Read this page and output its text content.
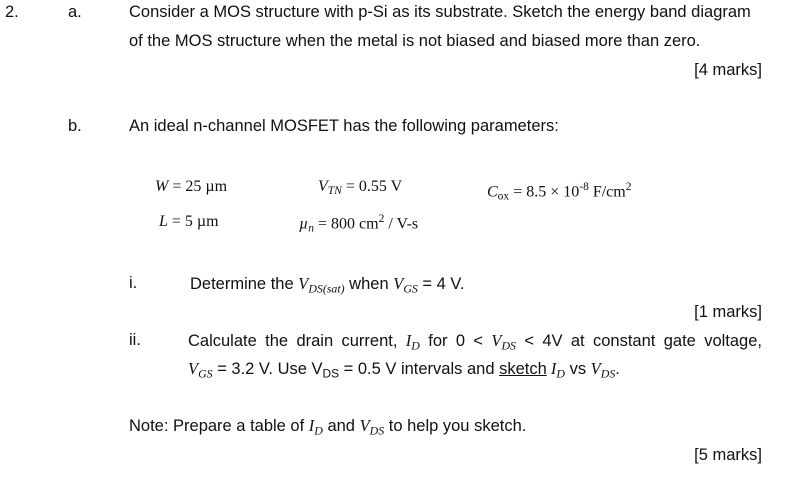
2.	a.	Consider a MOS structure with p-Si as its substrate. Sketch the energy band diagram
of the MOS structure when the metal is not biased and biased more than zero.
[4 marks]
b.	An ideal n-channel MOSFET has the following parameters:
W = 25 µm	$V_{TN} = 0.55$ V	$C_{ox} = 8.5 \times 10^{-8}$ $F/cm^2$
L = 5 µm	µ$_n$ = 800 $cm^2 / V-s$
i.	Determine the $V_{DS(sat)}$ when $V_{GS} = 4$ V.
[1 marks]
ii.	Calculate the drain current, $I_D$ for $0 < V_{DS} < 4V$ at constant gate voltage,
$V_{GS} = 3.2$ V. Use $V_{DS} = 0.5$ V intervals and sketch $I_D$ vs $V_{DS}$.
Note: Prepare a table of $I_D$ and $V_{DS}$ to help you sketch.
[5 marks]
